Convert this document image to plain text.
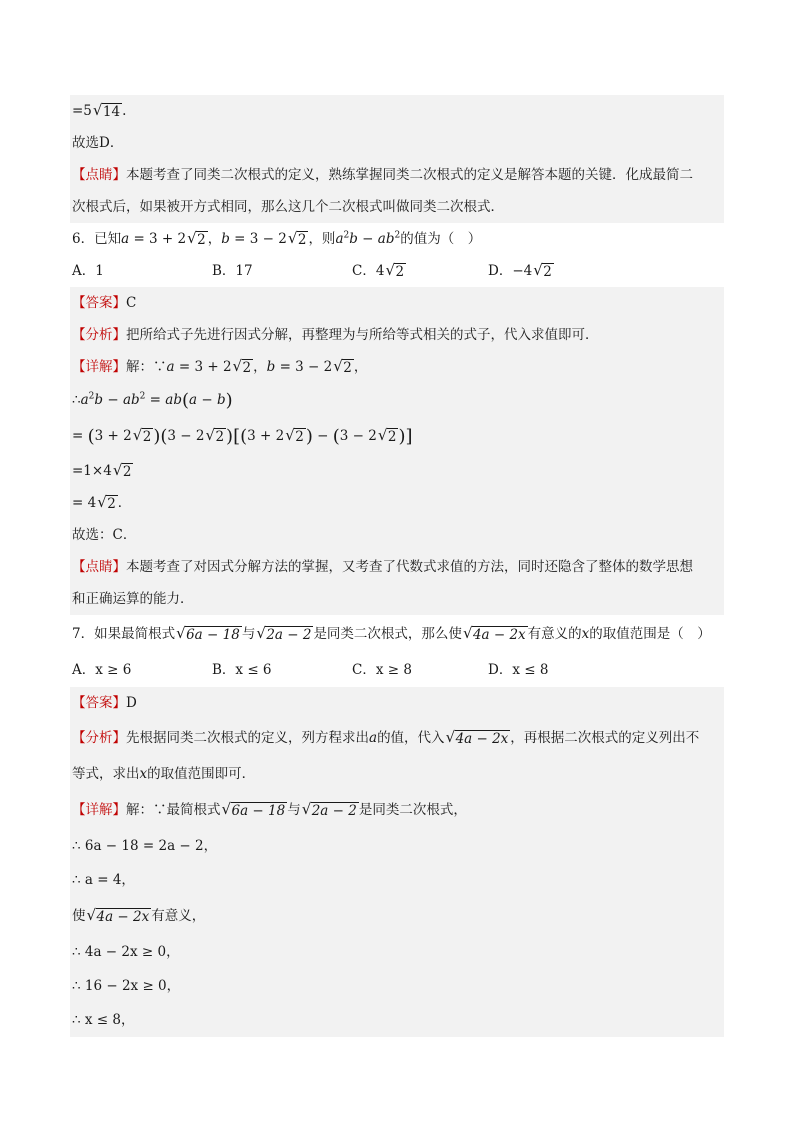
=5 √ 14 .
故选D．
【点睛】本题考查了同类二次根式的定义，熟练掌握同类二次根式的定义是解答本题的关键．化成最简二
次根式后，如果被开方式相同，那么这几个二次根式叫做同类二次根式．
6．已知a = 3 + 2 √ 2 ，b = 3 − 2 √ 2 ，则$a^2b - ab^2$的值为（　）
A．1	B．17	C．4 √ 2	D．−4 √ 2
【答案】C
【分析】把所给式子先进行因式分解，再整理为与所给等式相关的式子，代入求值即可．
【详解】解：∵a = 3 + 2 √ 2 ，b = 3 − 2 √ 2 ，
$\therefore a^2b - ab^2 = ab(a - b)$
= (3 + 2 √ 2 )(3 − 2 √ 2 )[(3 + 2 √ 2 ) − (3 − 2 √ 2 )]
=1×4 √ 2
= 4 √ 2 ．
故选：C．
【点睛】本题考查了对因式分解方法的掌握，又考查了代数式求值的方法，同时还隐含了整体的数学思想
和正确运算的能力．
7．如果最简根式 √ 6a − 18 与 √ 2a − 2 是同类二次根式，那么使 √ 4a − 2x 有意义的x的取值范围是（　）
A．x ≥ 6	B．x ≤ 6	C．x ≥ 8	D．x ≤ 8
【答案】D
【分析】先根据同类二次根式的定义，列方程求出a的值，代入 √ 4a − 2x ，再根据二次根式的定义列出不
等式，求出x的取值范围即可．
【详解】解：∵最简根式 √ 6a − 18 与 √ 2a − 2 是同类二次根式，
∴ 6a − 18 = 2a − 2，
∴ a = 4，
使 √ 4a − 2x 有意义，
∴ 4a − 2x ≥ 0，
∴ 16 − 2x ≥ 0，
∴ x ≤ 8，
